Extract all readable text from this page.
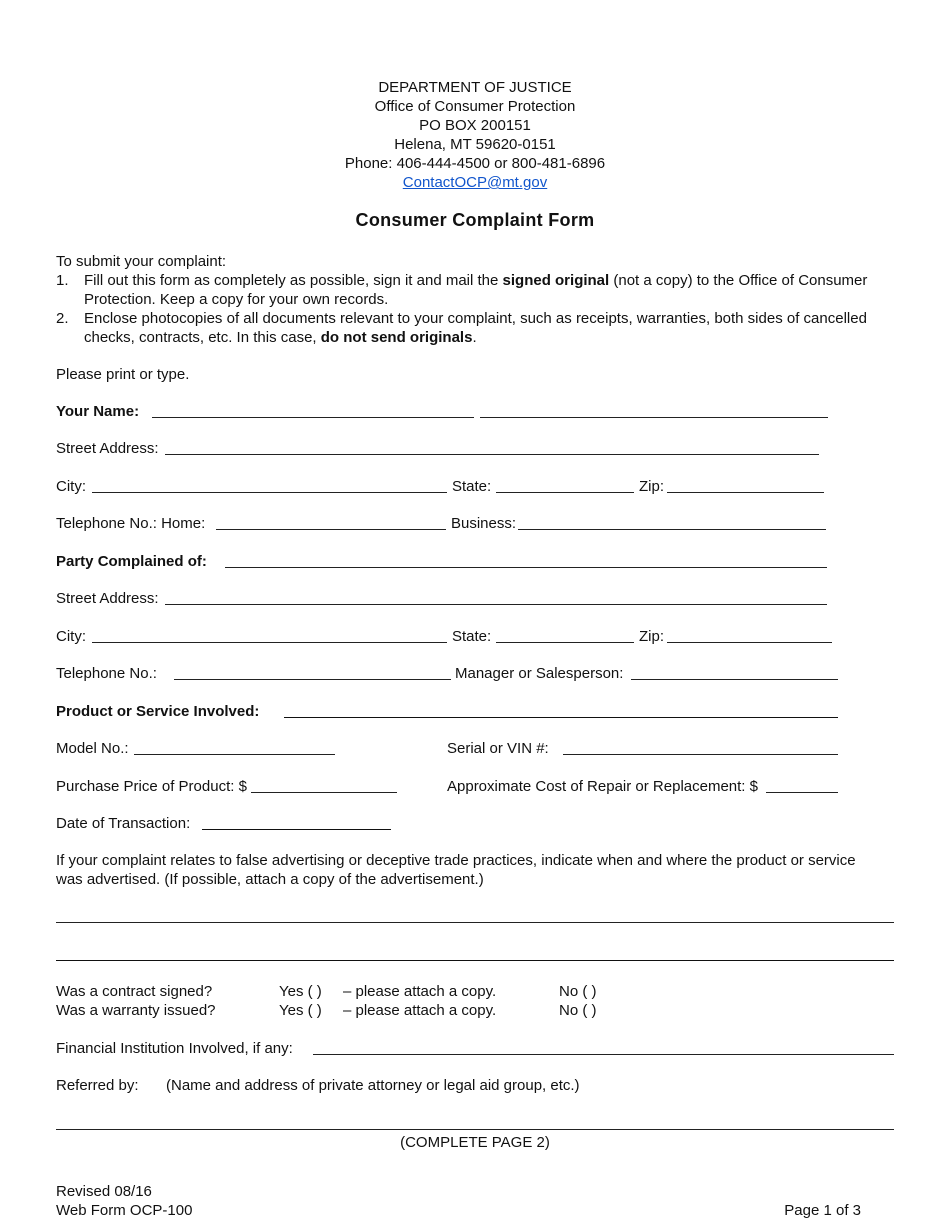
DEPARTMENT OF JUSTICE
Office of Consumer Protection
PO BOX 200151
Helena, MT 59620-0151
Phone: 406-444-4500 or 800-481-6896
ContactOCP@mt.gov
Consumer Complaint Form
To submit your complaint:
1.	Fill out this form as completely as possible, sign it and mail the signed original (not a copy) to the Office of Consumer Protection. Keep a copy for your own records.
2.	Enclose photocopies of all documents relevant to your complaint, such as receipts, warranties, both sides of cancelled checks, contracts, etc. In this case, do not send originals.
Please print or type.
Your Name:
Street Address:
City:	State:	Zip:
Telephone No.: Home:	Business:
Party Complained of:
Street Address:
City:	State:	Zip:
Telephone No.:	Manager or Salesperson:
Product or Service Involved:
Model No.:	Serial or VIN #:
Purchase Price of Product: $	Approximate Cost of Repair or Replacement: $
Date of Transaction:
If your complaint relates to false advertising or deceptive trade practices, indicate when and where the product or service
was advertised. (If possible, attach a copy of the advertisement.)
Was a contract signed?	Yes ( ) – please attach a copy.	No ( )
Was a warranty issued?	Yes ( ) – please attach a copy.	No ( )
Financial Institution Involved, if any:
Referred by: (Name and address of private attorney or legal aid group, etc.)
(COMPLETE PAGE 2)
Revised 08/16
Web Form OCP-100	Page 1 of 3
